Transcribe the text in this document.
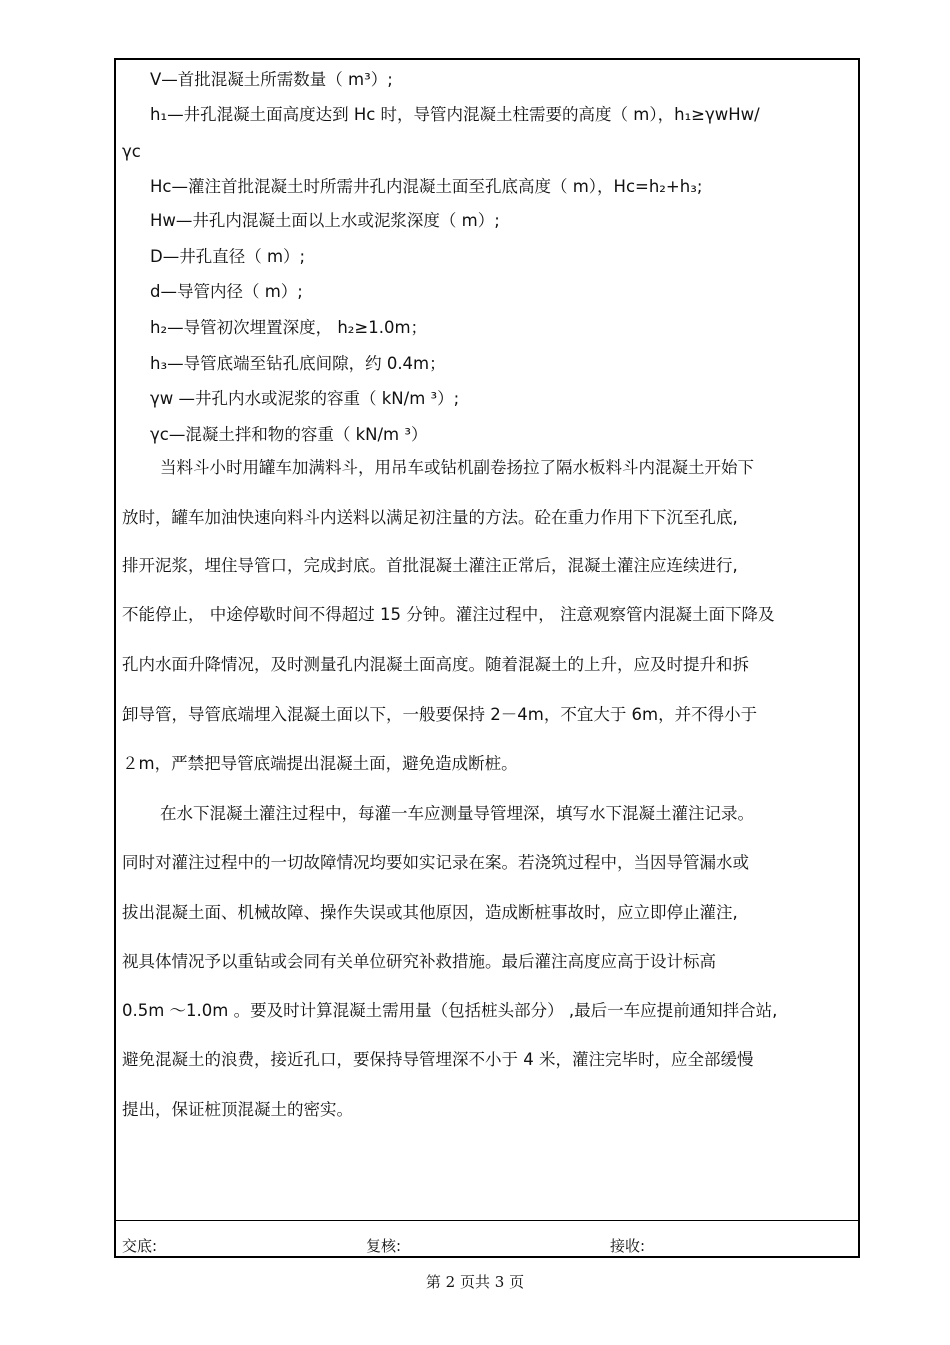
V—首批混凝土所需数量（ m³）;
h₁—井孔混凝土面高度达到 Hc 时，导管内混凝土柱需要的高度（ m），h₁≥γwHw/
γc
Hc—灌注首批混凝土时所需井孔内混凝土面至孔底高度（ m），Hc=h₂+h₃;
Hw—井孔内混凝土面以上水或泥浆深度（ m）;
D—井孔直径（ m）;
d—导管内径（ m）;
h₂—导管初次埋置深度， h₂≥1.0m；
h₃—导管底端至钻孔底间隙，约 0.4m；
γw —井孔内水或泥浆的容重（ kN/m ³）;
γc—混凝土拌和物的容重（ kN/m ³）
当料斗小时用罐车加满料斗，用吊车或钻机副卷扬拉了隔水板料斗内混凝土开始下
放时，罐车加油快速向料斗内送料以满足初注量的方法。砼在重力作用下下沉至孔底,
排开泥浆，埋住导管口，完成封底。首批混凝土灌注正常后，混凝土灌注应连续进行,
不能停止， 中途停歇时间不得超过 15 分钟。灌注过程中， 注意观察管内混凝土面下降及
孔内水面升降情况，及时测量孔内混凝土面高度。随着混凝土的上升，应及时提升和拆
卸导管，导管底端埋入混凝土面以下，一般要保持 2－4m，不宜大于 6m，并不得小于
２m，严禁把导管底端提出混凝土面，避免造成断桩。
在水下混凝土灌注过程中，每灌一车应测量导管埋深，填写水下混凝土灌注记录。
同时对灌注过程中的一切故障情况均要如实记录在案。若浇筑过程中，当因导管漏水或
拔出混凝土面、机械故障、操作失误或其他原因，造成断桩事故时，应立即停止灌注,
视具体情况予以重钻或会同有关单位研究补救措施。最后灌注高度应高于设计标高
0.5m ～1.0m 。要及时计算混凝土需用量（包括桩头部分） ,最后一车应提前通知拌合站,
避免混凝土的浪费，接近孔口，要保持导管埋深不小于 4 米，灌注完毕时，应全部缓慢
提出，保证桩顶混凝土的密实。
交底:	复核:	接收:
第 2 页共 3 页
